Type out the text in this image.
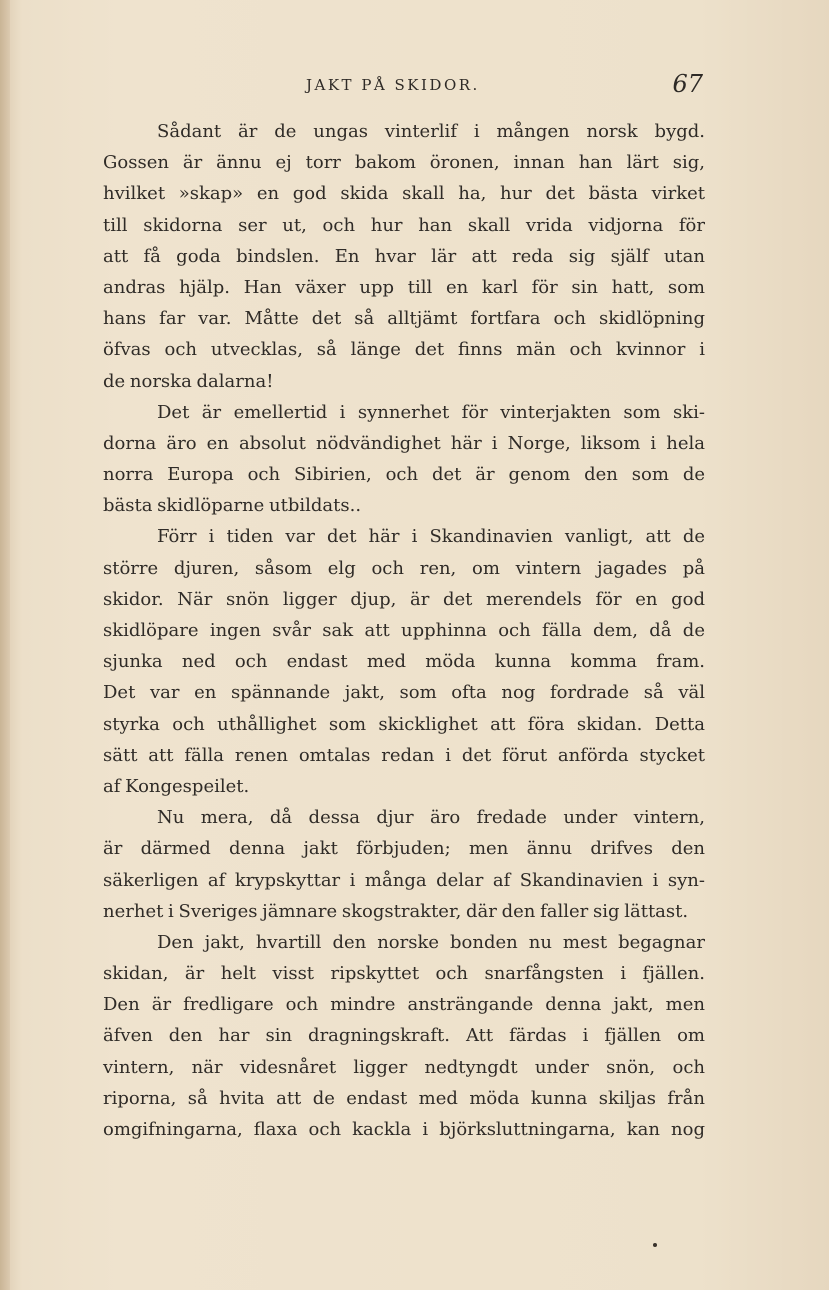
JAKT PÅ SKIDOR.	67
Sådant är de ungas vinterlif i mången norsk bygd.
Gossen är ännu ej torr bakom öronen, innan han lärt sig,
hvilket »skap» en god skida skall ha, hur det bästa virket
till skidorna ser ut, och hur han skall vrida vidjorna för
att få goda bindslen. En hvar lär att reda sig själf utan
andras hjälp. Han växer upp till en karl för sin hatt, som
hans far var. Måtte det så alltjämt fortfara och skidlöpning
öfvas och utvecklas, så länge det finns män och kvinnor i
de norska dalarna!
Det är emellertid i synnerhet för vinterjakten som ski-
dorna äro en absolut nödvändighet här i Norge, liksom i hela
norra Europa och Sibirien, och det är genom den som de
bästa skidlöparne utbildats..
Förr i tiden var det här i Skandinavien vanligt, att de
större djuren, såsom elg och ren, om vintern jagades på
skidor. När snön ligger djup, är det merendels för en god
skidlöpare ingen svår sak att upphinna och fälla dem, då de
sjunka ned och endast med möda kunna komma fram.
Det var en spännande jakt, som ofta nog fordrade så väl
styrka och uthållighet som skicklighet att föra skidan. Detta
sätt att fälla renen omtalas redan i det förut anförda stycket
af Kongespeilet.
Nu mera, då dessa djur äro fredade under vintern,
är därmed denna jakt förbjuden; men ännu drifves den
säkerligen af krypskyttar i många delar af Skandinavien i syn-
nerhet i Sveriges jämnare skogstrakter, där den faller sig lättast.
Den jakt, hvartill den norske bonden nu mest begagnar
skidan, är helt visst ripskyttet och snarfångsten i fjällen.
Den är fredligare och mindre ansträngande denna jakt, men
äfven den har sin dragningskraft. Att färdas i fjällen om
vintern, när videsnåret ligger nedtyngdt under snön, och
riporna, så hvita att de endast med möda kunna skiljas från
omgifningarna, flaxa och kackla i björksluttningarna, kan nog
